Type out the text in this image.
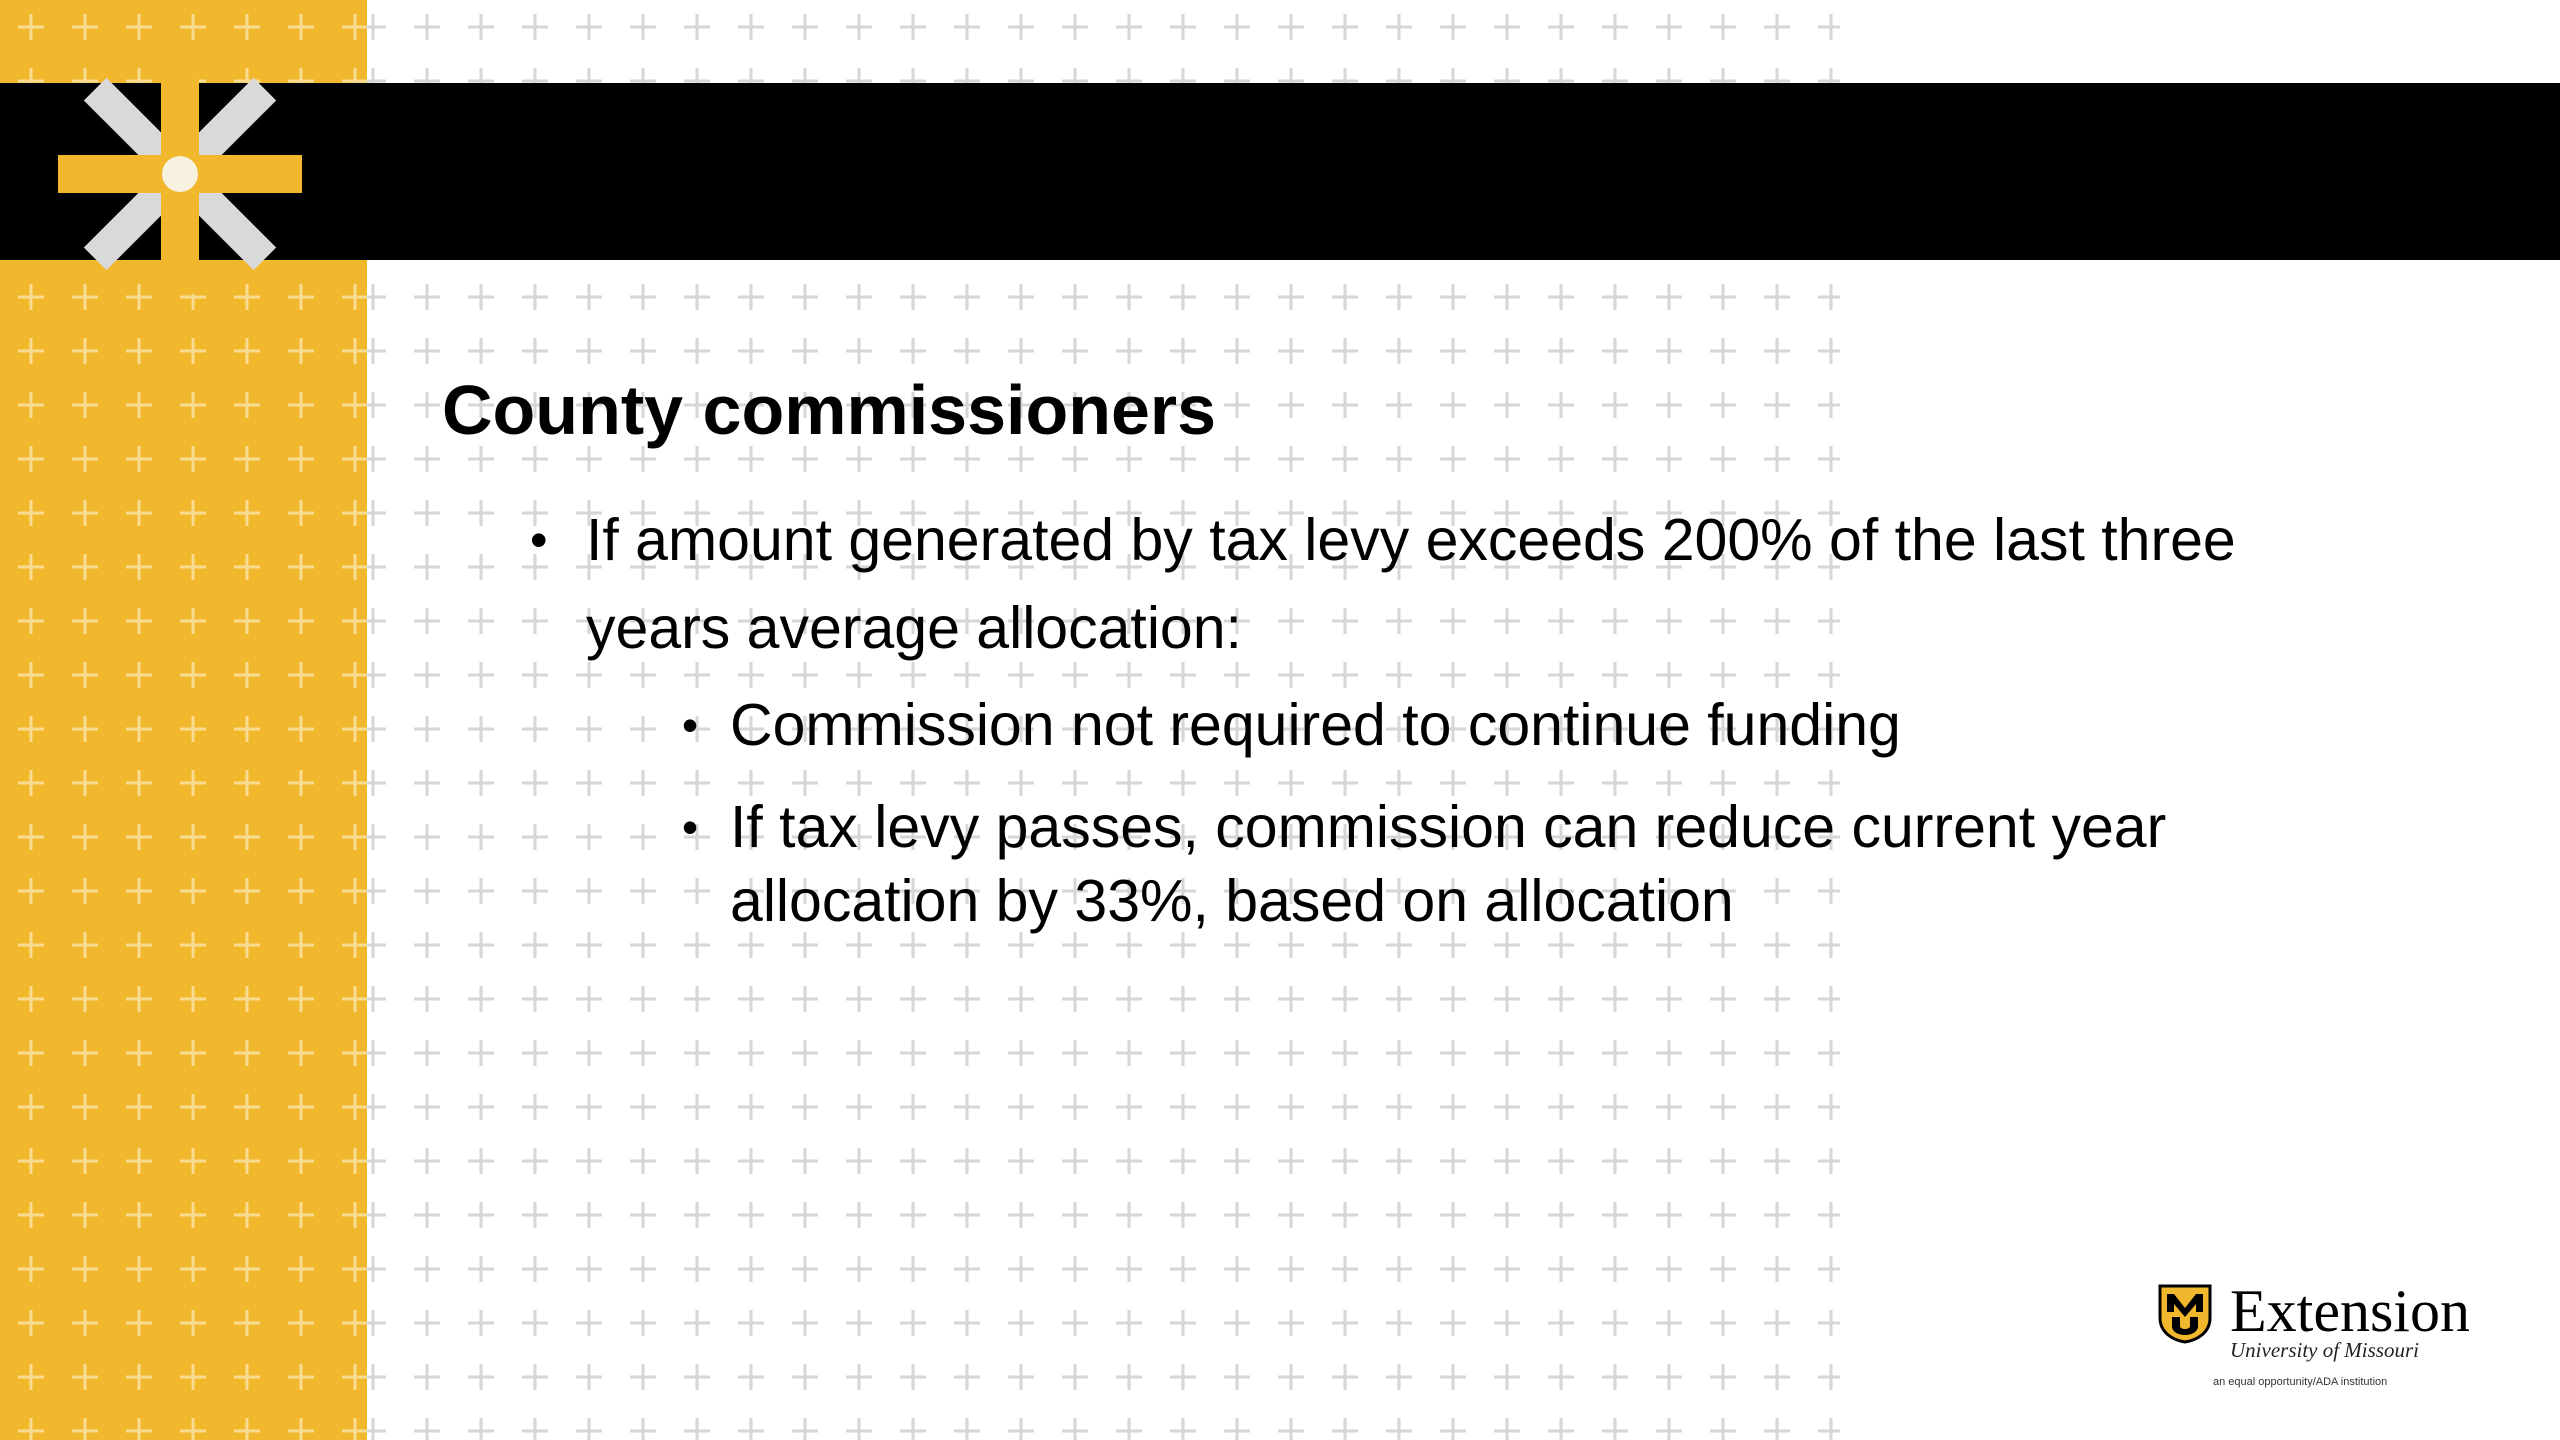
County commissioners
• If amount generated by tax levy exceeds 200% of the last three years average allocation:
• Commission not required to continue funding
• If tax levy passes, commission can reduce current year allocation by 33%, based on allocation
Extension
University of Missouri
an equal opportunity/ADA institution
